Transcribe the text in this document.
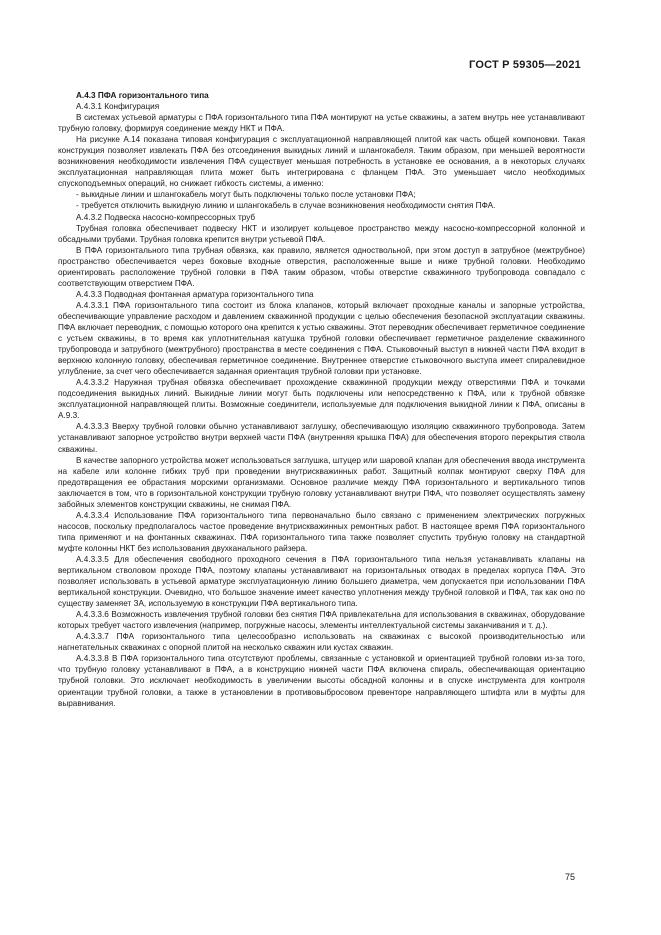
ГОСТ Р 59305—2021

А.4.3 ПФА горизонтального типа

А.4.3.1 Конфигурация

В системах устьевой арматуры с ПФА горизонтального типа ПФА монтируют на устье скважины, а затем внутрь нее устанавливают трубную головку, формируя соединение между НКТ и ПФА.

На рисунке А.14 показана типовая конфигурация с эксплуатационной направляющей плитой как часть общей компоновки. Такая конструкция позволяет извлекать ПФА без отсоединения выкидных линий и шлангокабеля. Таким образом, при меньшей вероятности возникновения необходимости извлечения ПФА существует меньшая потребность в установке ее основания, а в некоторых случаях эксплуатационная направляющая плита может быть интегрирована с фланцем ПФА. Это уменьшает число необходимых спускоподъемных операций, но снижает гибкость системы, а именно:

- выкидные линии и шлангокабель могут быть подключены только после установки ПФА;

- требуется отключить выкидную линию и шлангокабель в случае возникновения необходимости снятия ПФА.

А.4.3.2 Подвеска насосно-компрессорных труб

Трубная головка обеспечивает подвеску НКТ и изолирует кольцевое пространство между насосно-компрессорной колонной и обсадными трубами. Трубная головка крепится внутри устьевой ПФА.

В ПФА горизонтального типа трубная обвязка, как правило, является одноствольной, при этом доступ в затрубное (межтрубное) пространство обеспечивается через боковые входные отверстия, расположенные выше и ниже трубной головки. Необходимо ориентировать расположение трубной головки в ПФА таким образом, чтобы отверстие скважинного трубопровода совпадало с соответствующим отверстием ПФА.

А.4.3.3 Подводная фонтанная арматура горизонтального типа

А.4.3.3.1 ПФА горизонтального типа состоит из блока клапанов, который включает проходные каналы и запорные устройства, обеспечивающие управление расходом и давлением скважинной продукции с целью обеспечения безопасной эксплуатации скважины. ПФА включает переводник, с помощью которого она крепится к устью скважины. Этот переводник обеспечивает герметичное соединение с устьем скважины, в то время как уплотнительная катушка трубной головки обеспечивает герметичное разделение скважинного трубопровода и затрубного (межтрубного) пространства в месте соединения с ПФА. Стыковочный выступ в нижней части ПФА входит в верхнюю колонную головку, обеспечивая герметичное соединение. Внутреннее отверстие стыковочного выступа имеет спиралевидное углубление, за счет чего обеспечивается заданная ориентация трубной головки при установке.

А.4.3.3.2 Наружная трубная обвязка обеспечивает прохождение скважинной продукции между отверстиями ПФА и точками подсоединения выкидных линий. Выкидные линии могут быть подключены или непосредственно к ПФА, или к трубной обвязке эксплуатационной направляющей плиты. Возможные соединители, используемые для подключения выкидной линии к ПФА, описаны в А.9.3.

А.4.3.3.3 Вверху трубной головки обычно устанавливают заглушку, обеспечивающую изоляцию скважинного трубопровода. Затем устанавливают запорное устройство внутри верхней части ПФА (внутренняя крышка ПФА) для обеспечения второго перекрытия ствола скважины.

В качестве запорного устройства может использоваться заглушка, штуцер или шаровой клапан для обеспечения ввода инструмента на кабеле или колонне гибких труб при проведении внутрискважинных работ. Защитный колпак монтируют сверху ПФА для предотвращения ее обрастания морскими организмами. Основное различие между ПФА горизонтального и вертикального типов заключается в том, что в горизонтальной конструкции трубную головку устанавливают внутри ПФА, что позволяет осуществлять замену забойных элементов конструкции скважины, не снимая ПФА.

А.4.3.3.4 Использование ПФА горизонтального типа первоначально было связано с применением электрических погружных насосов, поскольку предполагалось частое проведение внутрискважинных ремонтных работ. В настоящее время ПФА горизонтального типа применяют и на фонтанных скважинах. ПФА горизонтального типа также позволяет спустить трубную головку на стандартной муфте колонны НКТ без использования двухканального райзера.

А.4.3.3.5 Для обеспечения свободного проходного сечения в ПФА горизонтального типа нельзя устанавливать клапаны на вертикальном стволовом проходе ПФА, поэтому клапаны устанавливают на горизонтальных отводах в пределах корпуса ПФА. Это позволяет использовать в устьевой арматуре эксплуатационную линию большего диаметра, чем допускается при использовании ПФА вертикальной конструкции. Очевидно, что большое значение имеет качество уплотнения между трубной головкой и ПФА, так как оно по существу заменяет ЗА, используемую в конструкции ПФА вертикального типа.

А.4.3.3.6 Возможность извлечения трубной головки без снятия ПФА привлекательна для использования в скважинах, оборудование которых требует частого извлечения (например, погружные насосы, элементы интеллектуальной системы заканчивания и т. д.).

А.4.3.3.7 ПФА горизонтального типа целесообразно использовать на скважинах с высокой производительностью или нагнетательных скважинах с опорной плитой на несколько скважин или кустах скважин.

А.4.3.3.8 В ПФА горизонтального типа отсутствуют проблемы, связанные с установкой и ориентацией трубной головки из-за того, что трубную головку устанавливают в ПФА, а в конструкцию нижней части ПФА включена спираль, обеспечивающая ориентацию трубной головки. Это исключает необходимость в увеличении высоты обсадной колонны и в спуске инструмента для контроля ориентации трубной головки, а также в установлении в противовыбросовом превенторе направляющего штифта или в муфты для выравнивания.

75
